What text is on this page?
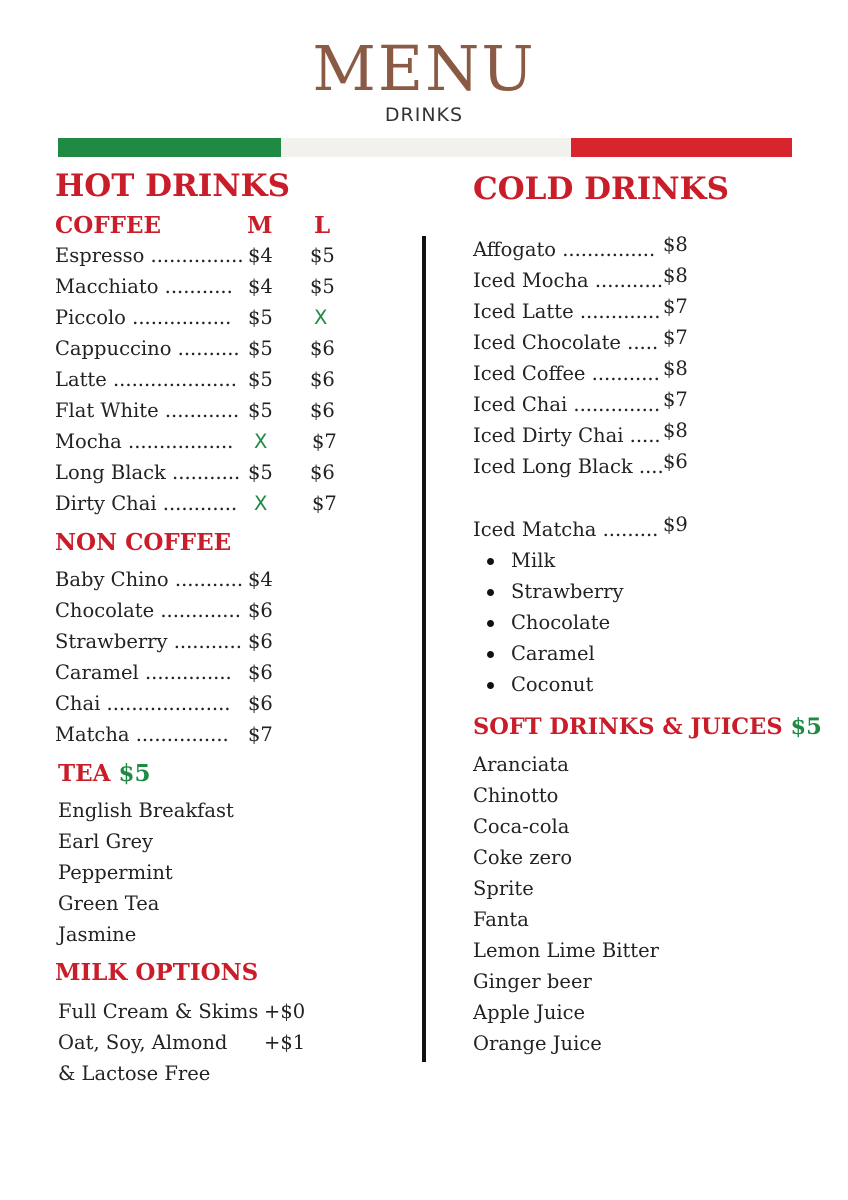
MENU
DRINKS
HOT DRINKS
COFFEE	M L
Espresso ............... $4 $5
Macchiato ........... $4 $5
Piccolo ................ $5 X
Cappuccino .......... $5 $6
Latte .................... $5 $6
Flat White ............ $5 $6
Mocha ................. X $7
Long Black ........... $5 $6
Dirty Chai ............ X $7
NON COFFEE
Baby Chino ........... $4
Chocolate ............. $6
Strawberry ........... $6
Caramel .............. $6
Chai .................... $6
Matcha ............... $7
TEA $5
English Breakfast
Earl Grey
Peppermint
Green Tea
Jasmine
MILK OPTIONS
Full Cream & Skims +$0
Oat, Soy, Almond +$1
& Lactose Free
COLD DRINKS
Affogato ............... $8
Iced Mocha ........... $8
Iced Latte ............. $7
Iced Chocolate ..... $7
Iced Coffee ........... $8
Iced Chai .............. $7
Iced Dirty Chai ..... $8
Iced Long Black .... $6
Iced Matcha ......... $9
Milk
Strawberry
Chocolate
Caramel
Coconut
SOFT DRINKS & JUICES $5
Aranciata
Chinotto
Coca-cola
Coke zero
Sprite
Fanta
Lemon Lime Bitter
Ginger beer
Apple Juice
Orange Juice
